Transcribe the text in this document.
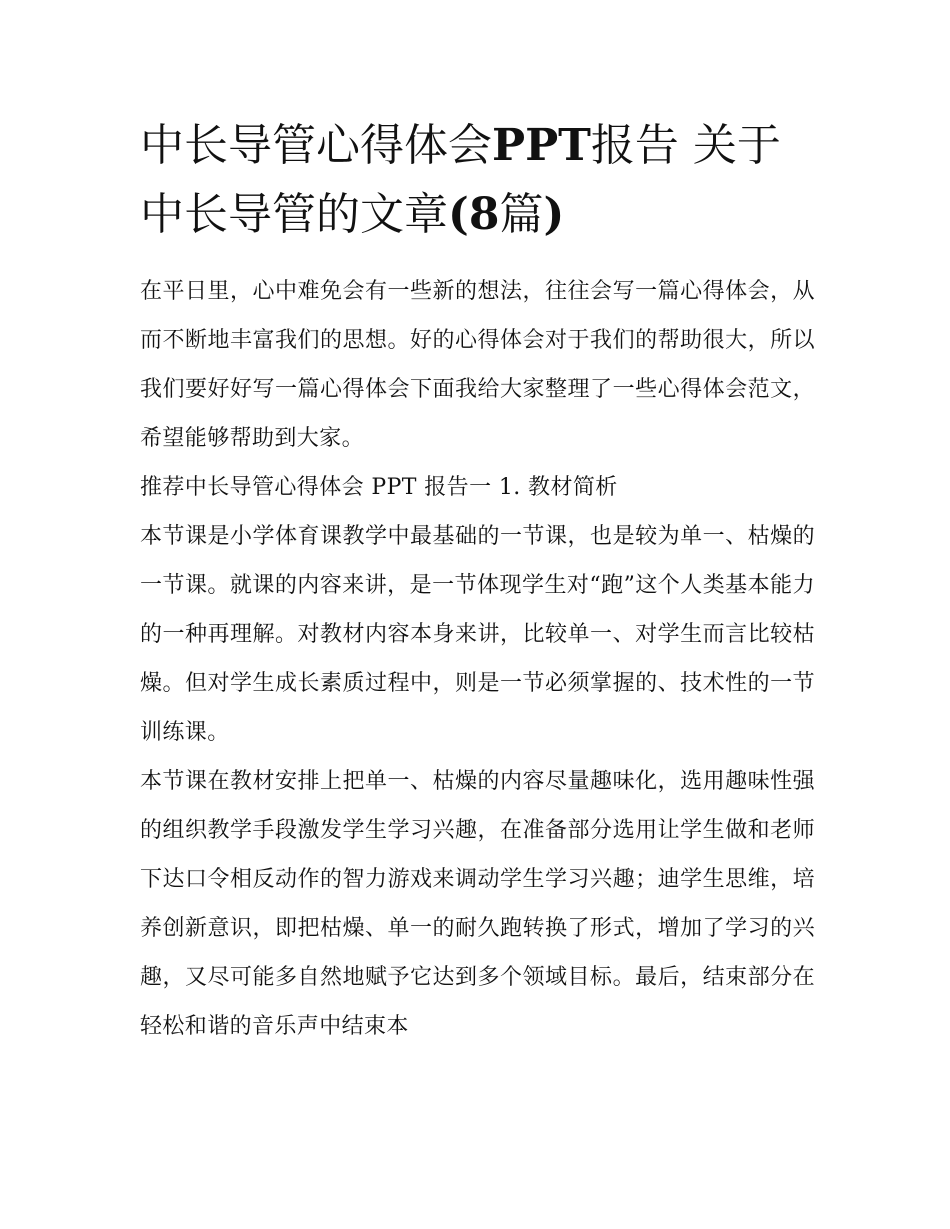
中长导管心得体会PPT报告 关于中长导管的文章(8篇)

在平日里，心中难免会有一些新的想法，往往会写一篇心得体会，从而不断地丰富我们的思想。好的心得体会对于我们的帮助很大，所以我们要好好写一篇心得体会下面我给大家整理了一些心得体会范文，希望能够帮助到大家。

推荐中长导管心得体会 PPT 报告一 1. 教材简析

本节课是小学体育课教学中最基础的一节课，也是较为单一、枯燥的一节课。就课的内容来讲，是一节体现学生对“跑”这个人类基本能力的一种再理解。对教材内容本身来讲，比较单一、对学生而言比较枯燥。但对学生成长素质过程中，则是一节必须掌握的、技术性的一节训练课。

本节课在教材安排上把单一、枯燥的内容尽量趣味化，选用趣味性强的组织教学手段激发学生学习兴趣，在准备部分选用让学生做和老师下达口令相反动作的智力游戏来调动学生学习兴趣；迪学生思维，培养创新意识，即把枯燥、单一的耐久跑转换了形式，增加了学习的兴趣，又尽可能多自然地赋予它达到多个领域目标。最后，结束部分在轻松和谐的音乐声中结束本
